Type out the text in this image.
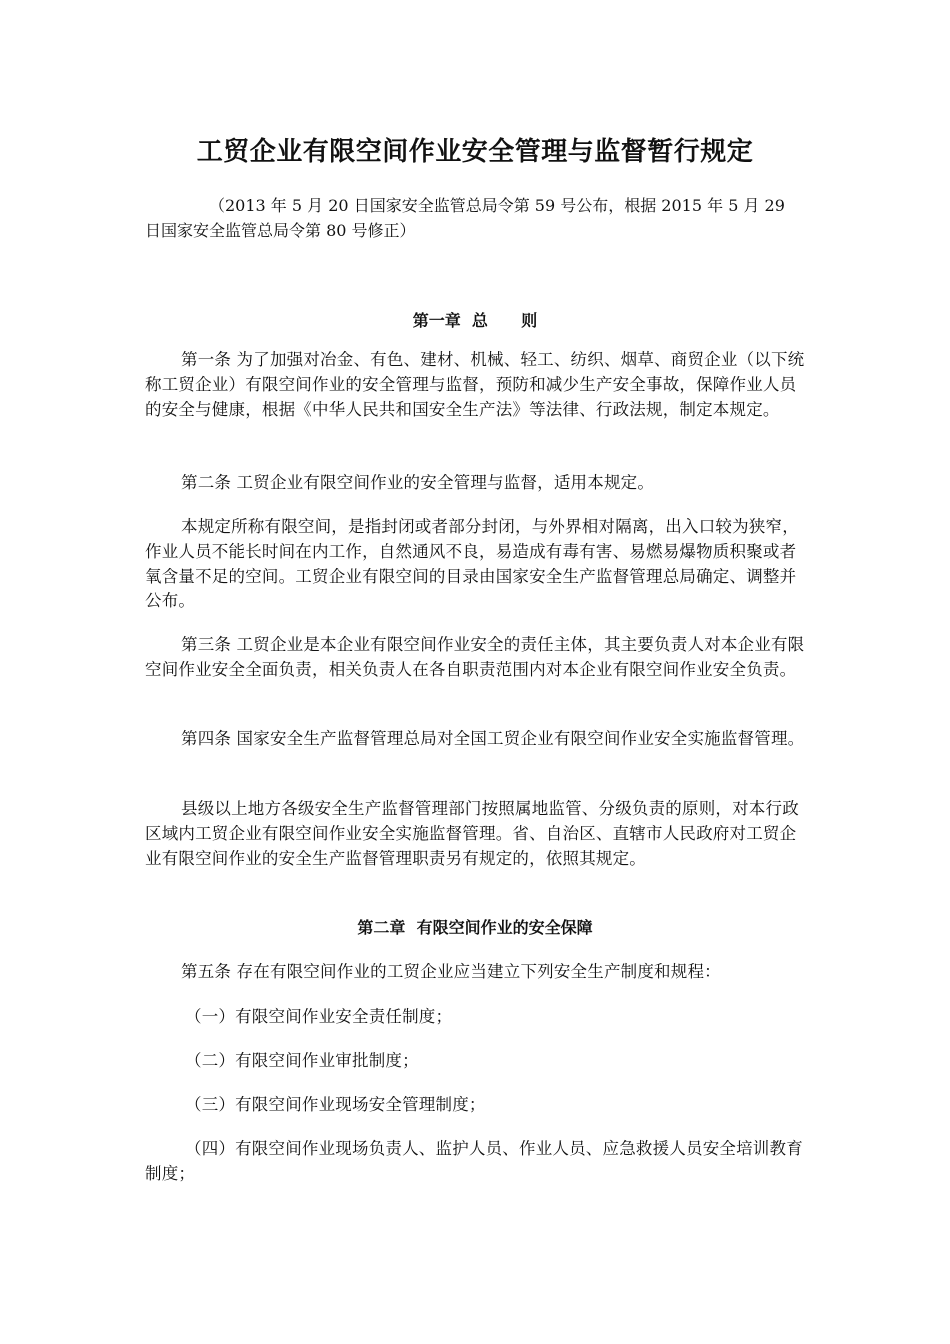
工贸企业有限空间作业安全管理与监督暂行规定

（2013 年 5 月 20 日国家安全监管总局令第 59 号公布，根据 2015 年 5 月 29 日国家安全监管总局令第 80 号修正）

第一章  总      则

第一条 为了加强对冶金、有色、建材、机械、轻工、纺织、烟草、商贸企业（以下统称工贸企业）有限空间作业的安全管理与监督，预防和减少生产安全事故，保障作业人员的安全与健康，根据《中华人民共和国安全生产法》等法律、行政法规，制定本规定。

第二条 工贸企业有限空间作业的安全管理与监督，适用本规定。

本规定所称有限空间，是指封闭或者部分封闭，与外界相对隔离，出入口较为狭窄，作业人员不能长时间在内工作，自然通风不良，易造成有毒有害、易燃易爆物质积聚或者氧含量不足的空间。工贸企业有限空间的目录由国家安全生产监督管理总局确定、调整并公布。

第三条 工贸企业是本企业有限空间作业安全的责任主体，其主要负责人对本企业有限空间作业安全全面负责，相关负责人在各自职责范围内对本企业有限空间作业安全负责。

第四条 国家安全生产监督管理总局对全国工贸企业有限空间作业安全实施监督管理。

县级以上地方各级安全生产监督管理部门按照属地监管、分级负责的原则，对本行政区域内工贸企业有限空间作业安全实施监督管理。省、自治区、直辖市人民政府对工贸企业有限空间作业的安全生产监督管理职责另有规定的，依照其规定。

第二章  有限空间作业的安全保障

第五条 存在有限空间作业的工贸企业应当建立下列安全生产制度和规程：

（一）有限空间作业安全责任制度；

（二）有限空间作业审批制度；

（三）有限空间作业现场安全管理制度；

（四）有限空间作业现场负责人、监护人员、作业人员、应急救援人员安全培训教育制度；
